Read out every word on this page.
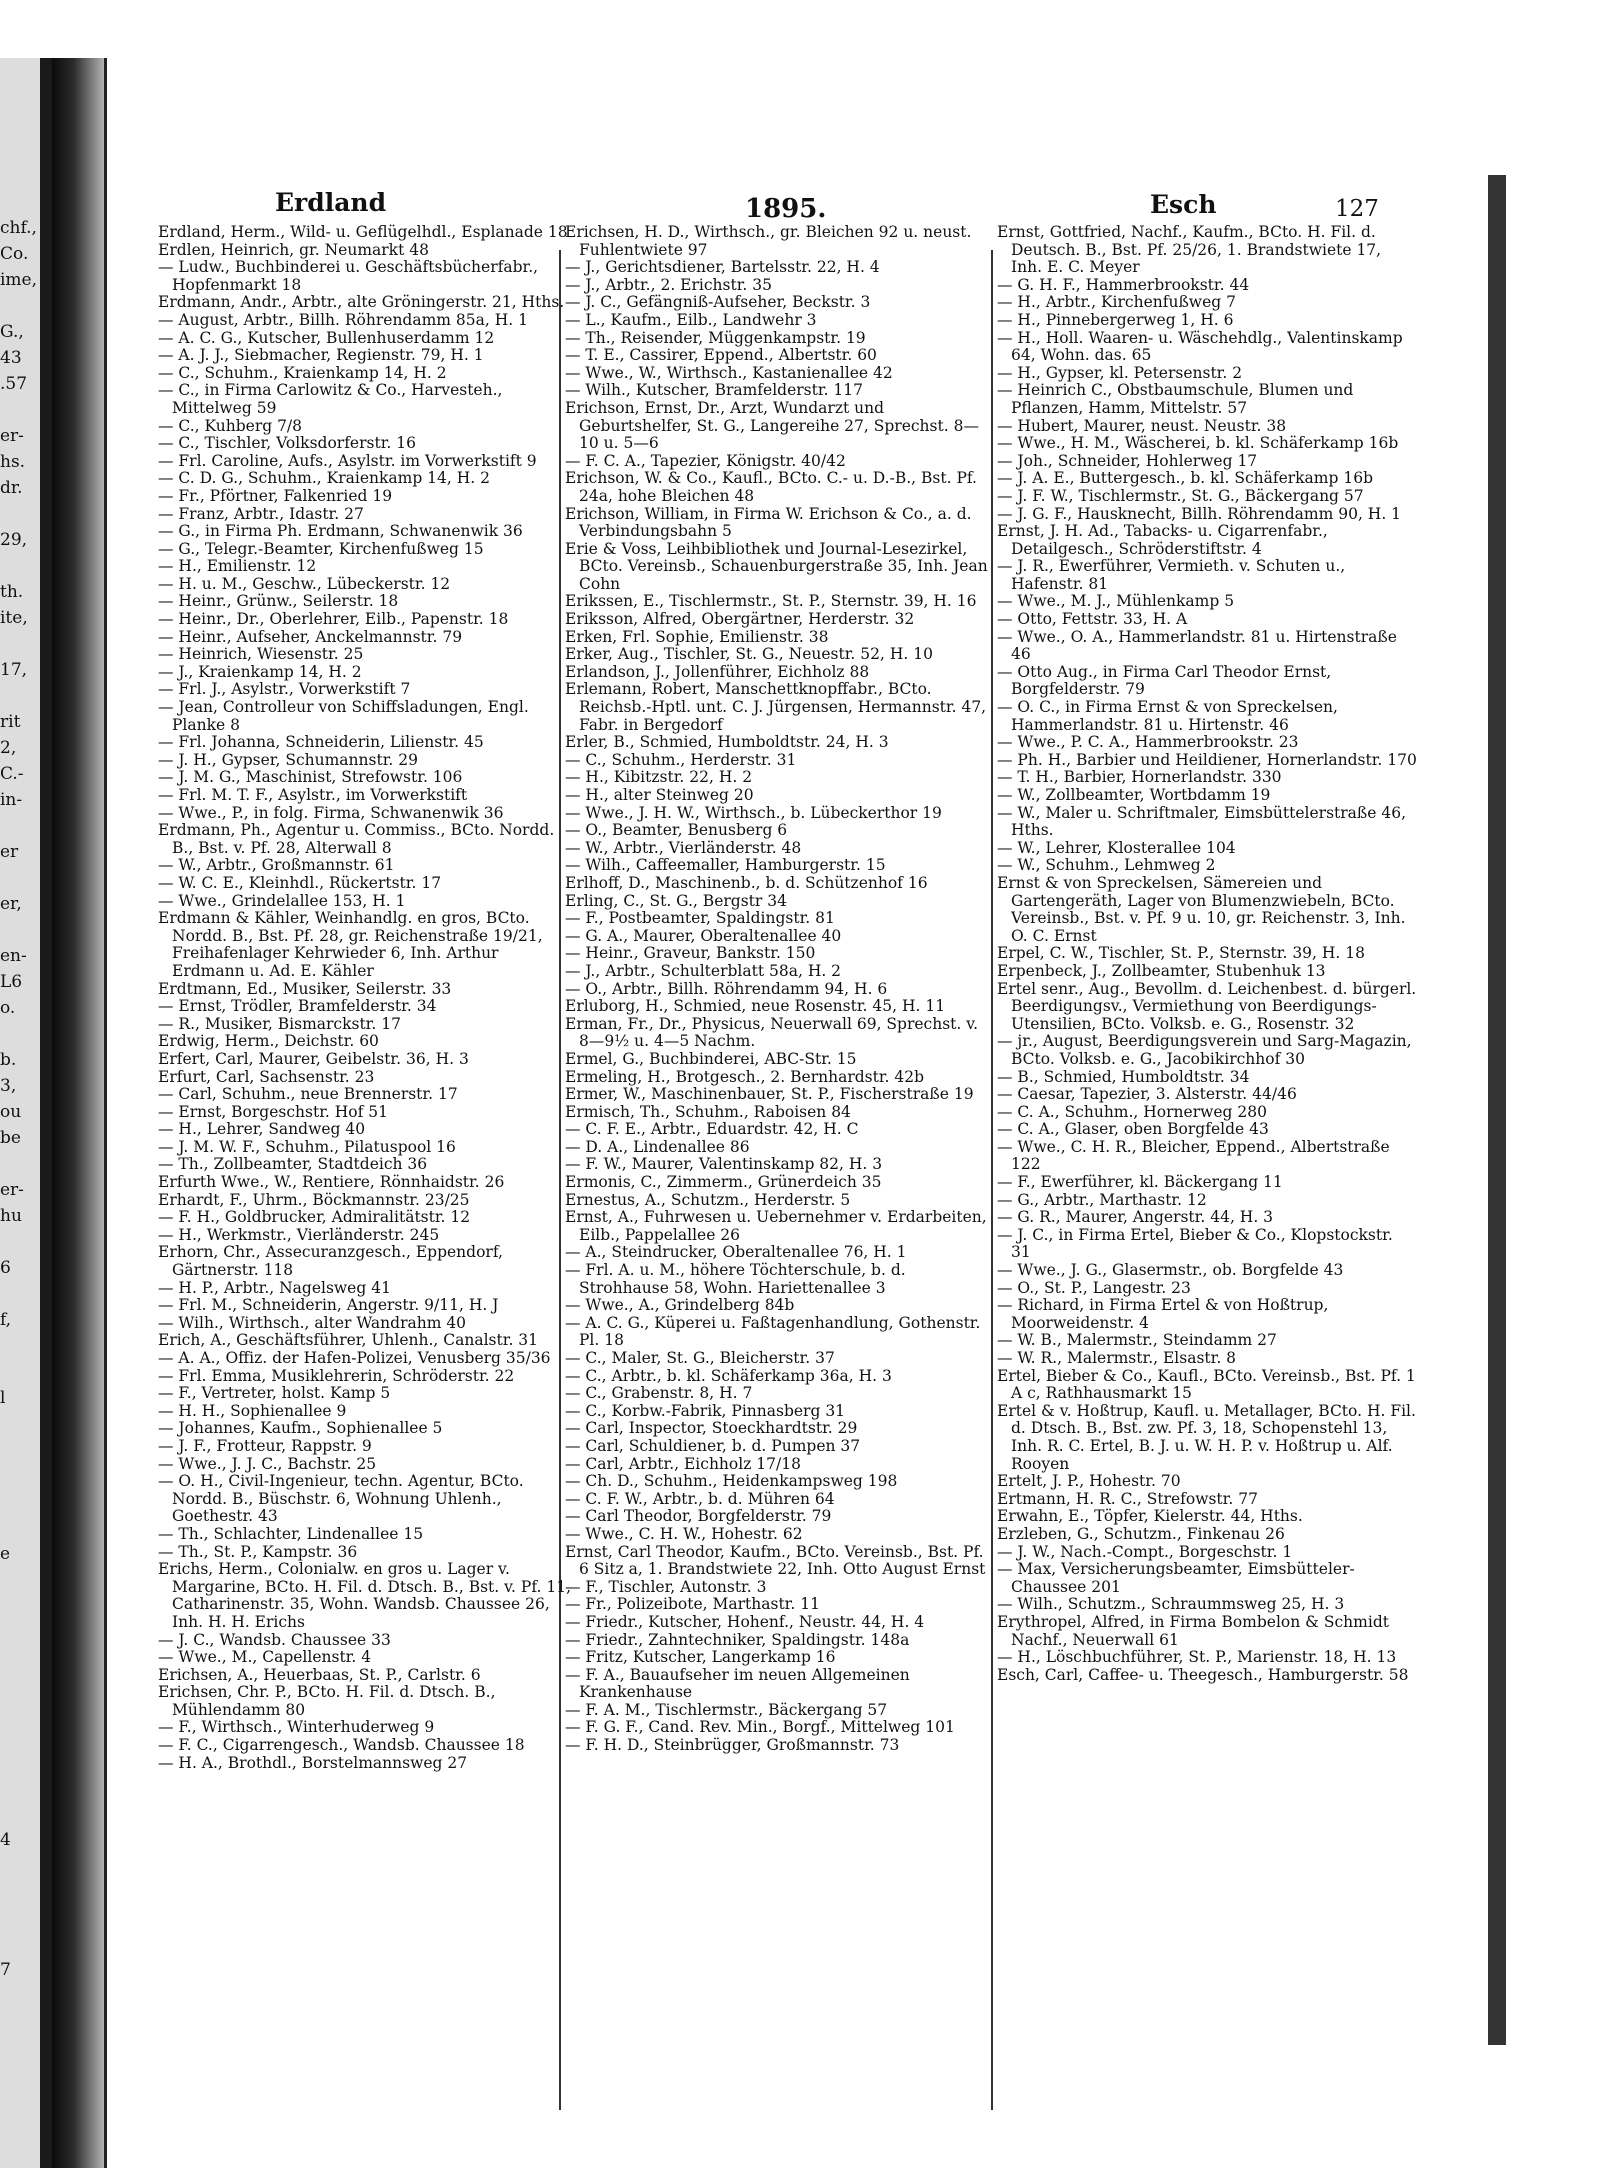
chf.,
Co.
ime,
G.,
43
.57
er-
hs.
dr.
29,
th.
ite,
17,
rit
2,
C.-
in-
er
er,
en-
L6
o.
b.
3,
ou
be
er-
hu
6
f,
l
e
4
7
Erdland	1895.	Esch	127

Erdland, Herm., Wild- u. Geflügelhdl., Esplanade 18

Erdlen, Heinrich, gr. Neumarkt 48

— Ludw., Buchbinderei u. Geschäftsbücherfabr., Hopfenmarkt 18

Erdmann, Andr., Arbtr., alte Gröningerstr. 21, Hths.

— August, Arbtr., Billh. Röhrendamm 85a, H. 1

— A. C. G., Kutscher, Bullenhuserdamm 12

— A. J. J., Siebmacher, Regienstr. 79, H. 1

— C., Schuhm., Kraienkamp 14, H. 2

— C., in Firma Carlowitz & Co., Harvesteh., Mittelweg 59

— C., Kuhberg 7/8

— C., Tischler, Volksdorferstr. 16

— Frl. Caroline, Aufs., Asylstr. im Vorwerkstift 9

— C. D. G., Schuhm., Kraienkamp 14, H. 2

— Fr., Pförtner, Falkenried 19

— Franz, Arbtr., Idastr. 27

— G., in Firma Ph. Erdmann, Schwanenwik 36

— G., Telegr.-Beamter, Kirchenfußweg 15

— H., Emilienstr. 12

— H. u. M., Geschw., Lübeckerstr. 12

— Heinr., Grünw., Seilerstr. 18

— Heinr., Dr., Oberlehrer, Eilb., Papenstr. 18

— Heinr., Aufseher, Anckelmannstr. 79

— Heinrich, Wiesenstr. 25

— J., Kraienkamp 14, H. 2

— Frl. J., Asylstr., Vorwerkstift 7

— Jean, Controlleur von Schiffsladungen, Engl. Planke 8

— Frl. Johanna, Schneiderin, Lilienstr. 45

— J. H., Gypser, Schumannstr. 29

— J. M. G., Maschinist, Strefowstr. 106

— Frl. M. T. F., Asylstr., im Vorwerkstift

— Wwe., P., in folg. Firma, Schwanenwik 36

Erdmann, Ph., Agentur u. Commiss., BCto. Nordd. B., Bst. v. Pf. 28, Alterwall 8

— W., Arbtr., Großmannstr. 61

— W. C. E., Kleinhdl., Rückertstr. 17

— Wwe., Grindelallee 153, H. 1

Erdmann & Kähler, Weinhandlg. en gros, BCto. Nordd. B., Bst. Pf. 28, gr. Reichenstraße 19/21, Freihafenlager Kehrwieder 6, Inh. Arthur Erdmann u. Ad. E. Kähler

Erdtmann, Ed., Musiker, Seilerstr. 33

— Ernst, Trödler, Bramfelderstr. 34

— R., Musiker, Bismarckstr. 17

Erdwig, Herm., Deichstr. 60

Erfert, Carl, Maurer, Geibelstr. 36, H. 3

Erfurt, Carl, Sachsenstr. 23

— Carl, Schuhm., neue Brennerstr. 17

— Ernst, Borgeschstr. Hof 51

— H., Lehrer, Sandweg 40

— J. M. W. F., Schuhm., Pilatuspool 16

— Th., Zollbeamter, Stadtdeich 36

Erfurth Wwe., W., Rentiere, Rönnhaidstr. 26

Erhardt, F., Uhrm., Böckmannstr. 23/25

— F. H., Goldbrucker, Admiralitätstr. 12

— H., Werkmstr., Vierländerstr. 245

Erhorn, Chr., Assecuranzgesch., Eppendorf, Gärtnerstr. 118

— H. P., Arbtr., Nagelsweg 41

— Frl. M., Schneiderin, Angerstr. 9/11, H. J

— Wilh., Wirthsch., alter Wandrahm 40

Erich, A., Geschäftsführer, Uhlenh., Canalstr. 31

— A. A., Offiz. der Hafen-Polizei, Venusberg 35/36

— Frl. Emma, Musiklehrerin, Schröderstr. 22

— F., Vertreter, holst. Kamp 5

— H. H., Sophienallee 9

— Johannes, Kaufm., Sophienallee 5

— J. F., Frotteur, Rappstr. 9

— Wwe., J. J. C., Bachstr. 25

— O. H., Civil-Ingenieur, techn. Agentur, BCto. Nordd. B., Büschstr. 6, Wohnung Uhlenh., Goethestr. 43

— Th., Schlachter, Lindenallee 15

— Th., St. P., Kampstr. 36

Erichs, Herm., Colonialw. en gros u. Lager v. Margarine, BCto. H. Fil. d. Dtsch. B., Bst. v. Pf. 11, Catharinenstr. 35, Wohn. Wandsb. Chaussee 26, Inh. H. H. Erichs

— J. C., Wandsb. Chaussee 33

— Wwe., M., Capellenstr. 4

Erichsen, A., Heuerbaas, St. P., Carlstr. 6

Erichsen, Chr. P., BCto. H. Fil. d. Dtsch. B., Mühlendamm 80

— F., Wirthsch., Winterhuderweg 9

— F. C., Cigarrengesch., Wandsb. Chaussee 18

— H. A., Brothdl., Borstelmannsweg 27

Erichsen, H. D., Wirthsch., gr. Bleichen 92 u. neust. Fuhlentwiete 97

— J., Gerichtsdiener, Bartelsstr. 22, H. 4

— J., Arbtr., 2. Erichstr. 35

— J. C., Gefängniß-Aufseher, Beckstr. 3

— L., Kaufm., Eilb., Landwehr 3

— Th., Reisender, Müggenkampstr. 19

— T. E., Cassirer, Eppend., Albertstr. 60

— Wwe., W., Wirthsch., Kastanienallee 42

— Wilh., Kutscher, Bramfelderstr. 117

Erichson, Ernst, Dr., Arzt, Wundarzt und Geburtshelfer, St. G., Langereihe 27, Sprechst. 8—10 u. 5—6

— F. C. A., Tapezier, Königstr. 40/42

Erichson, W. & Co., Kaufl., BCto. C.- u. D.-B., Bst. Pf. 24a, hohe Bleichen 48

Erichson, William, in Firma W. Erichson & Co., a. d. Verbindungsbahn 5

Erie & Voss, Leihbibliothek und Journal-Lesezirkel, BCto. Vereinsb., Schauenburgerstraße 35, Inh. Jean Cohn

Erikssen, E., Tischlermstr., St. P., Sternstr. 39, H. 16

Eriksson, Alfred, Obergärtner, Herderstr. 32

Erken, Frl. Sophie, Emilienstr. 38

Erker, Aug., Tischler, St. G., Neuestr. 52, H. 10

Erlandson, J., Jollenführer, Eichholz 88

Erlemann, Robert, Manschettknopffabr., BCto. Reichsb.-Hptl. unt. C. J. Jürgensen, Hermannstr. 47, Fabr. in Bergedorf

Erler, B., Schmied, Humboldtstr. 24, H. 3

— C., Schuhm., Herderstr. 31

— H., Kibitzstr. 22, H. 2

— H., alter Steinweg 20

— Wwe., J. H. W., Wirthsch., b. Lübeckerthor 19

— O., Beamter, Benusberg 6

— W., Arbtr., Vierländerstr. 48

— Wilh., Caffeemaller, Hamburgerstr. 15

Erlhoff, D., Maschinenb., b. d. Schützenhof 16

Erling, C., St. G., Bergstr 34

— F., Postbeamter, Spaldingstr. 81

— G. A., Maurer, Oberaltenallee 40

— Heinr., Graveur, Bankstr. 150

— J., Arbtr., Schulterblatt 58a, H. 2

— O., Arbtr., Billh. Röhrendamm 94, H. 6

Erluborg, H., Schmied, neue Rosenstr. 45, H. 11

Erman, Fr., Dr., Physicus, Neuerwall 69, Sprechst. v. 8—9½ u. 4—5 Nachm.

Ermel, G., Buchbinderei, ABC-Str. 15

Ermeling, H., Brotgesch., 2. Bernhardstr. 42b

Ermer, W., Maschinenbauer, St. P., Fischerstraße 19

Ermisch, Th., Schuhm., Raboisen 84

— C. F. E., Arbtr., Eduardstr. 42, H. C

— D. A., Lindenallee 86

— F. W., Maurer, Valentinskamp 82, H. 3

Ermonis, C., Zimmerm., Grünerdeich 35

Ernestus, A., Schutzm., Herderstr. 5

Ernst, A., Fuhrwesen u. Uebernehmer v. Erdarbeiten, Eilb., Pappelallee 26

— A., Steindrucker, Oberaltenallee 76, H. 1

— Frl. A. u. M., höhere Töchterschule, b. d. Strohhause 58, Wohn. Hariettenallee 3

— Wwe., A., Grindelberg 84b

— A. C. G., Küperei u. Faßtagenhandlung, Gothenstr. Pl. 18

— C., Maler, St. G., Bleicherstr. 37

— C., Arbtr., b. kl. Schäferkamp 36a, H. 3

— C., Grabenstr. 8, H. 7

— C., Korbw.-Fabrik, Pinnasberg 31

— Carl, Inspector, Stoeckhardtstr. 29

— Carl, Schuldiener, b. d. Pumpen 37

— Carl, Arbtr., Eichholz 17/18

— Ch. D., Schuhm., Heidenkampsweg 198

— C. F. W., Arbtr., b. d. Mühren 64

— Carl Theodor, Borgfelderstr. 79

— Wwe., C. H. W., Hohestr. 62

Ernst, Carl Theodor, Kaufm., BCto. Vereinsb., Bst. Pf. 6 Sitz a, 1. Brandstwiete 22, Inh. Otto August Ernst

— F., Tischler, Autonstr. 3

— Fr., Polizeibote, Marthastr. 11

— Friedr., Kutscher, Hohenf., Neustr. 44, H. 4

— Friedr., Zahntechniker, Spaldingstr. 148a

— Fritz, Kutscher, Langerkamp 16

— F. A., Bauaufseher im neuen Allgemeinen Krankenhause

— F. A. M., Tischlermstr., Bäckergang 57

— F. G. F., Cand. Rev. Min., Borgf., Mittelweg 101

— F. H. D., Steinbrügger, Großmannstr. 73

Ernst, Gottfried, Nachf., Kaufm., BCto. H. Fil. d. Deutsch. B., Bst. Pf. 25/26, 1. Brandstwiete 17, Inh. E. C. Meyer

— G. H. F., Hammerbrookstr. 44

— H., Arbtr., Kirchenfußweg 7

— H., Pinnebergerweg 1, H. 6

— H., Holl. Waaren- u. Wäschehdlg., Valentinskamp 64, Wohn. das. 65

— H., Gypser, kl. Petersenstr. 2

— Heinrich C., Obstbaumschule, Blumen und Pflanzen, Hamm, Mittelstr. 57

— Hubert, Maurer, neust. Neustr. 38

— Wwe., H. M., Wäscherei, b. kl. Schäferkamp 16b

— Joh., Schneider, Hohlerweg 17

— J. A. E., Buttergesch., b. kl. Schäferkamp 16b

— J. F. W., Tischlermstr., St. G., Bäckergang 57

— J. G. F., Hausknecht, Billh. Röhrendamm 90, H. 1

Ernst, J. H. Ad., Tabacks- u. Cigarrenfabr., Detailgesch., Schröderstiftstr. 4

— J. R., Ewerführer, Vermieth. v. Schuten u., Hafenstr. 81

— Wwe., M. J., Mühlenkamp 5

— Otto, Fettstr. 33, H. A

— Wwe., O. A., Hammerlandstr. 81 u. Hirtenstraße 46

— Otto Aug., in Firma Carl Theodor Ernst, Borgfelderstr. 79

— O. C., in Firma Ernst & von Spreckelsen, Hammerlandstr. 81 u. Hirtenstr. 46

— Wwe., P. C. A., Hammerbrookstr. 23

— Ph. H., Barbier und Heildiener, Hornerlandstr. 170

— T. H., Barbier, Hornerlandstr. 330

— W., Zollbeamter, Wortbdamm 19

— W., Maler u. Schriftmaler, Eimsbüttelerstraße 46, Hths.

— W., Lehrer, Klosterallee 104

— W., Schuhm., Lehmweg 2

Ernst & von Spreckelsen, Sämereien und Gartengeräth, Lager von Blumenzwiebeln, BCto. Vereinsb., Bst. v. Pf. 9 u. 10, gr. Reichenstr. 3, Inh. O. C. Ernst

Erpel, C. W., Tischler, St. P., Sternstr. 39, H. 18

Erpenbeck, J., Zollbeamter, Stubenhuk 13

Ertel senr., Aug., Bevollm. d. Leichenbest. d. bürgerl. Beerdigungsv., Vermiethung von Beerdigungs-Utensilien, BCto. Volksb. e. G., Rosenstr. 32

— jr., August, Beerdigungsverein und Sarg-Magazin, BCto. Volksb. e. G., Jacobikirchhof 30

— B., Schmied, Humboldtstr. 34

— Caesar, Tapezier, 3. Alsterstr. 44/46

— C. A., Schuhm., Hornerweg 280

— C. A., Glaser, oben Borgfelde 43

— Wwe., C. H. R., Bleicher, Eppend., Albertstraße 122

— F., Ewerführer, kl. Bäckergang 11

— G., Arbtr., Marthastr. 12

— G. R., Maurer, Angerstr. 44, H. 3

— J. C., in Firma Ertel, Bieber & Co., Klopstockstr. 31

— Wwe., J. G., Glasermstr., ob. Borgfelde 43

— O., St. P., Langestr. 23

— Richard, in Firma Ertel & von Hoßtrup, Moorweidenstr. 4

— W. B., Malermstr., Steindamm 27

— W. R., Malermstr., Elsastr. 8

Ertel, Bieber & Co., Kaufl., BCto. Vereinsb., Bst. Pf. 1 A c, Rathhausmarkt 15

Ertel & v. Hoßtrup, Kaufl. u. Metallager, BCto. H. Fil. d. Dtsch. B., Bst. zw. Pf. 3, 18, Schopenstehl 13, Inh. R. C. Ertel, B. J. u. W. H. P. v. Hoßtrup u. Alf. Rooyen

Ertelt, J. P., Hohestr. 70

Ertmann, H. R. C., Strefowstr. 77

Erwahn, E., Töpfer, Kielerstr. 44, Hths.

Erzleben, G., Schutzm., Finkenau 26

— J. W., Nach.-Compt., Borgeschstr. 1

— Max, Versicherungsbeamter, Eimsbütteler-Chaussee 201

— Wilh., Schutzm., Schraummsweg 25, H. 3

Erythropel, Alfred, in Firma Bombelon & Schmidt Nachf., Neuerwall 61

— H., Löschbuchführer, St. P., Marienstr. 18, H. 13

Esch, Carl, Caffee- u. Theegesch., Hamburgerstr. 58
